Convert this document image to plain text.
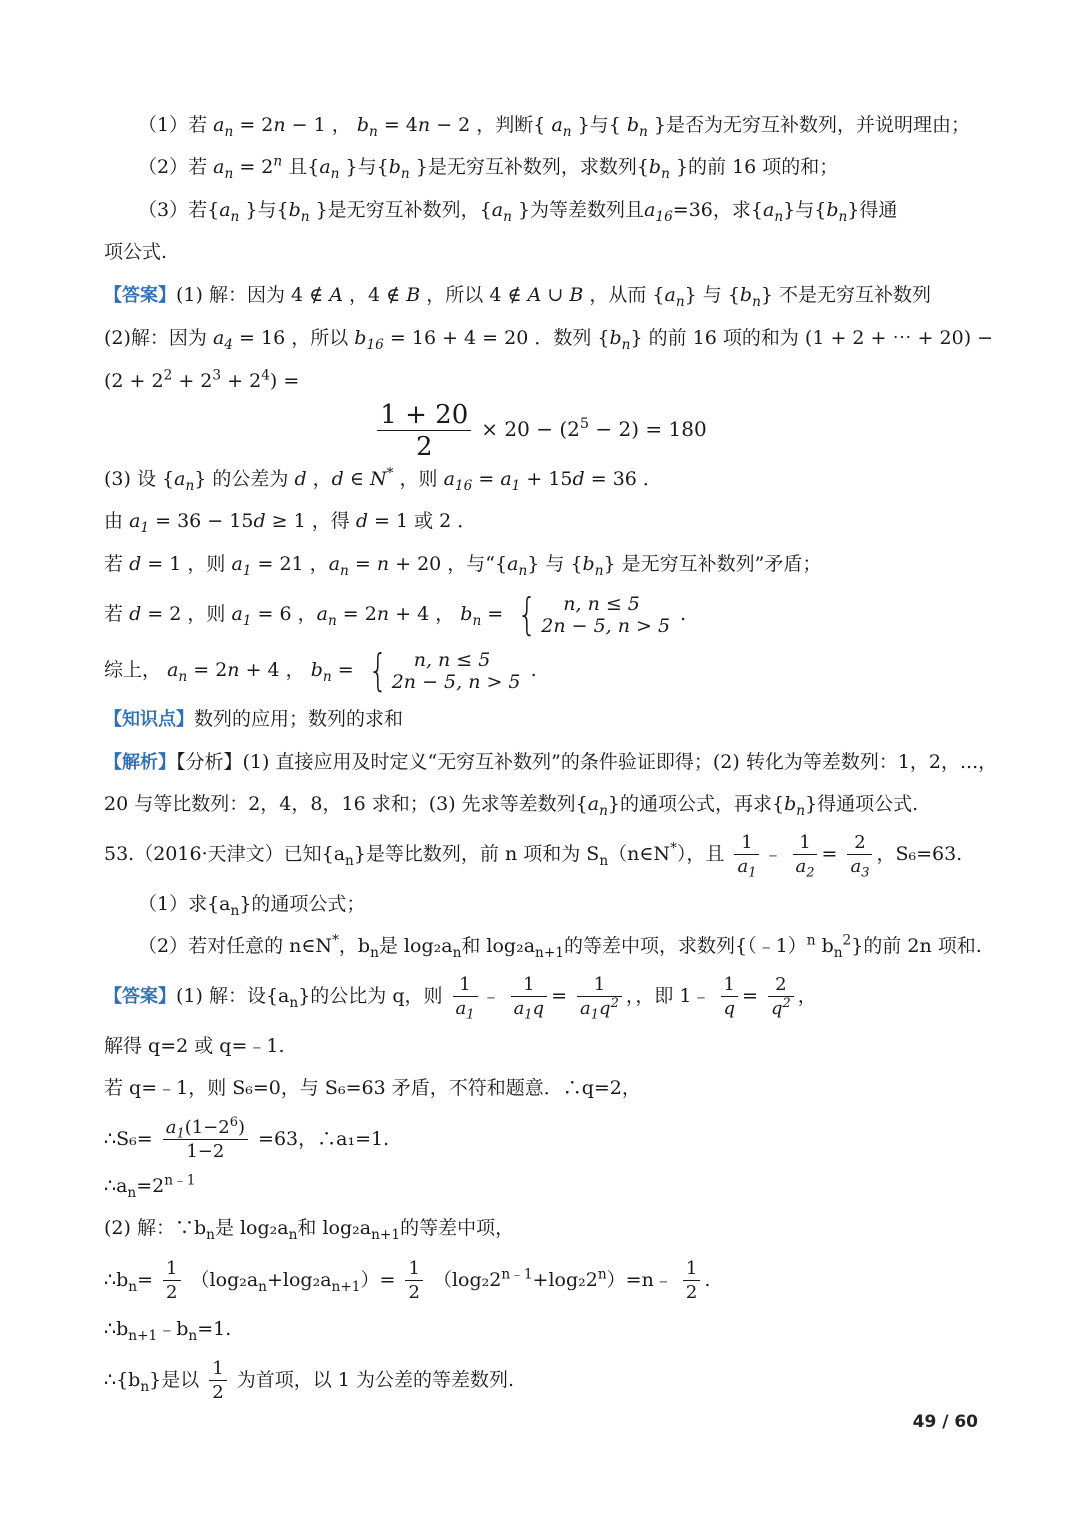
（1）若 $a_n = 2n - 1$ ， $b_n = 4n - 2$ ，判断{ $a_n$ }与{ $b_n$ }是否为无穷互补数列，并说明理由；
（2）若 $a_n = 2^n$ 且{$a_n$ }与{$b_n$ }是无穷互补数列，求数列{$b_n$ }的前 16 项的和；
（3）若{$a_n$ }与{$b_n$ }是无穷互补数列，{$a_n$ }为等差数列且$a_{16}=36$，求$\{a_n\}$与$\{b_n\}$得通
项公式.
【答案】(1) 解：因为 4 ∉ A ，4 ∉ B ，所以 4 ∉ A ∪ B ，从而 $\{a_n\}$ 与 $\{b_n\}$ 不是无穷互补数列
(2)解：因为 $a_4 = 16$ ，所以 $b_{16} = 16 + 4 = 20$ ．数列 $\{b_n\}$ 的前 16 项的和为 (1 + 2 + ⋯ + 20) −
$(2 + 2^2 + 2^3 + 2^4)$ =
$\frac{1 + 20}{2} \times 20 - (2^5 - 2) = 180$
(3) 设 $\{a_n\}$ 的公差为 d ，d ∈ N* ，则 $a_{16} = a_1 + 15d = 36$ ．
由 $a_1 = 36 - 15d \ge 1$ ，得 d = 1 或 2 ．
若 d = 1 ，则 $a_1 = 21$ ，$a_n = n + 20$ ，与“$\{a_n\}$ 与 $\{b_n\}$ 是无穷互补数列”矛盾；
若 d = 2 ，则 $a_1 = 6$ ，$a_n = 2n + 4$ ， $b_n$ = {	n, n ≤ 5
2n − 5, n > 5
.
综上， $a_n = 2n + 4$ ， $b_n$ = {	n, n ≤ 5
2n − 5, n > 5
.
【知识点】数列的应用；数列的求和
【解析】【分析】(1) 直接应用及时定义“无穷互补数列”的条件验证即得；(2) 转化为等差数列：1，2，...，
20 与等比数列：2，4，8，16 求和；(3) 先求等差数列$\{a_n\}$的通项公式，再求$\{b_n\}$得通项公式.
53.（2016·天津文）已知$\{a_n\}$是等比数列，前 n 项和为 $S_n(n\in N^*)$，且 $\frac{1}{a_1}$ ﹣ $\frac{1}{a_2} = \frac{2}{a_3}$ ，S₆=63.
（1）求$\{a_n\}$的通项公式；
（2）若对任意的 n∈N*，$b_n$是 $\log_2a_n$和 $\log_2a_{n+1}$的等差中项，求数列{（﹣1）$^n$ $b_n^2$}的前 2n 项和.
【答案】(1) 解：设$\{a_n\}$的公比为 q，则 $\frac{1}{a_1}$ ﹣ $\frac{1}{a_1q} = \frac{1}{a_1q^2}$ ，，即 1﹣ $\frac{1}{q} = \frac{2}{q^2}$ ，
解得 q=2 或 q=﹣1.
若 q=﹣1，则 S₆=0，与 S₆=63 矛盾，不符和题意．∴q=2，
∴S₆= $\frac{a_1(1-2^6)}{1-2} =63$，∴a₁=1.
$\therefore a_n=2^{n﹣1}$
(2) 解：$\because b_n$是 $\log_2a_n$和 $\log_2a_{n+1}$的等差中项，
$\therefore b_n= \frac{1}{2} (\log_2a_n+\log_2a_{n+1})= \frac{1}{2}$ $(\log_22^{n﹣1}+\log_22^n)=n﹣ \frac{1}{2}$ .
$\therefore b_{n+1}﹣b_n=1$.
$\therefore\{b_n\}$是以 $\frac{1}{2}$ 为首项，以 1 为公差的等差数列.
49 / 60
